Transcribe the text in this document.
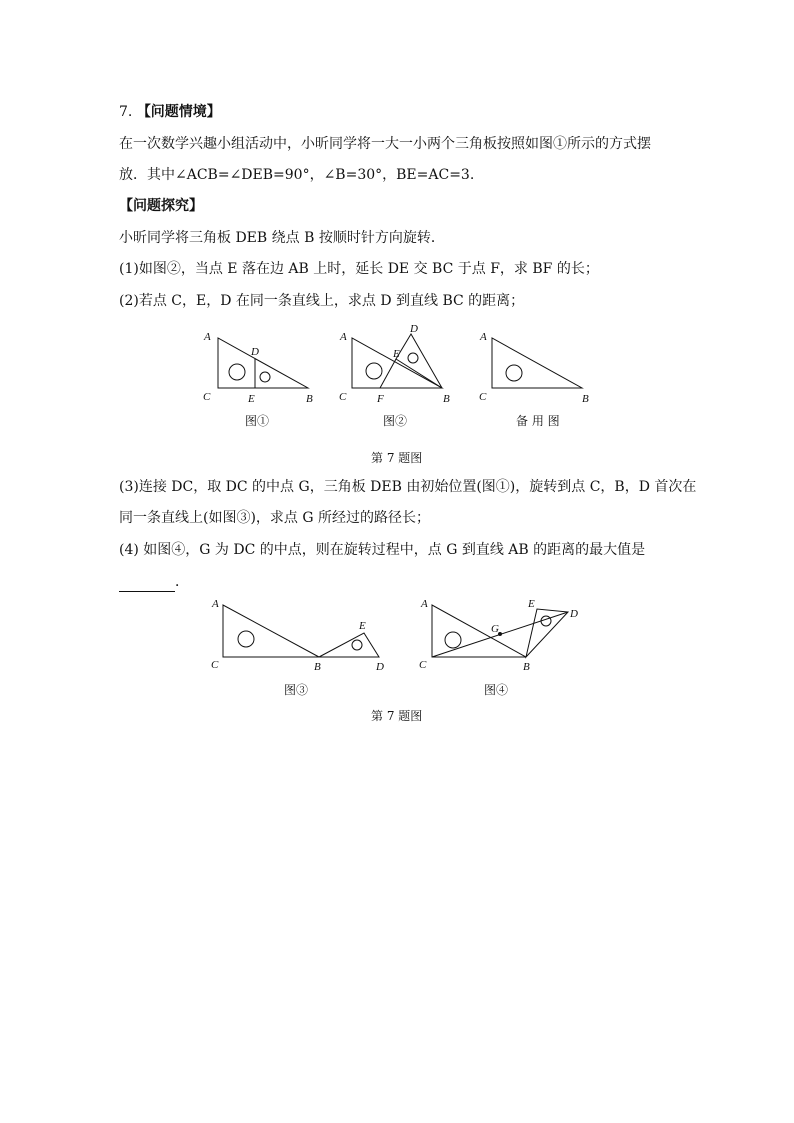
7. 【问题情境】
在一次数学兴趣小组活动中，小昕同学将一大一小两个三角板按照如图①所示的方式摆
放．其中∠ACB=∠DEB=90°，∠B=30°，BE=AC=3.
【问题探究】
小昕同学将三角板 DEB 绕点 B 按顺时针方向旋转．
(1)如图②，当点 E 落在边 AB 上时，延长 DE 交 BC 于点 F，求 BF 的长；
(2)若点 C，E，D 在同一条直线上，求点 D 到直线 BC 的距离；
(3)连接 DC，取 DC 的中点 G，三角板 DEB 由初始位置(图①)，旋转到点 C，B，D 首次在
同一条直线上(如图③)，求点 G 所经过的路径长；
(4) 如图④，G 为 DC 的中点，则在旋转过程中，点 G 到直线 AB 的距离的最大值是
．
A
D
C	E	B
A
D
E
C	F	B
A
C	B
A
E
C	B	D
A	E
D
G
C	B
图①	图②	备 用 图
第 7 题图
图③	图④
第 7 题图
